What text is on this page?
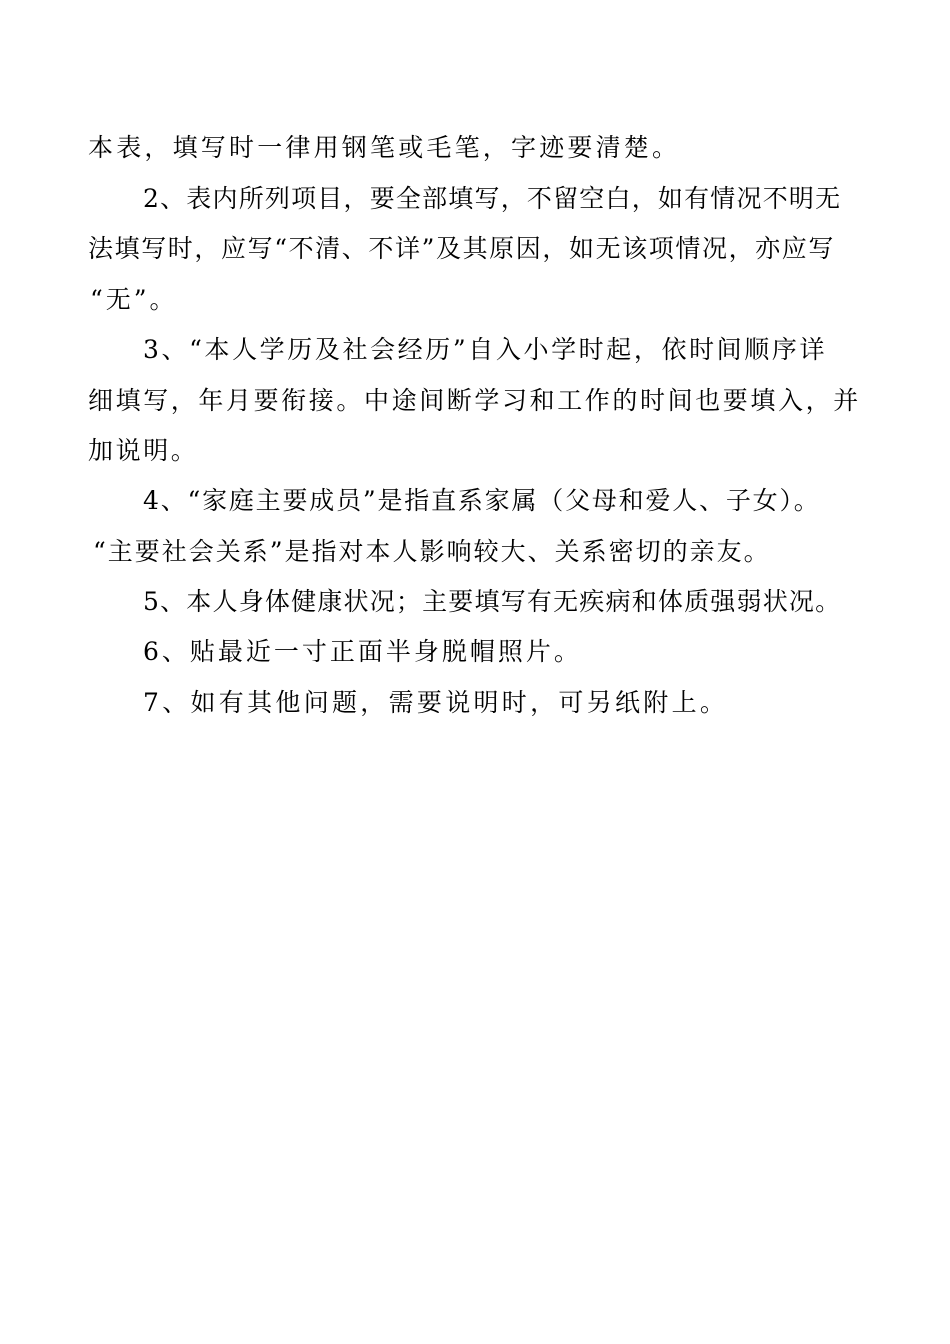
本表，填写时一律用钢笔或毛笔，字迹要清楚。
2、表内所列项目，要全部填写，不留空白，如有情况不明无
法填写时，应写“不清、不详”及其原因，如无该项情况，亦应写
“无”。
3、“本人学历及社会经历”自入小学时起，依时间顺序详
细填写，年月要衔接。中途间断学习和工作的时间也要填入，并
加说明。
4、“家庭主要成员”是指直系家属（父母和爱人、子女）。
“主要社会关系”是指对本人影响较大、关系密切的亲友。
5、本人身体健康状况；主要填写有无疾病和体质强弱状况。
6、贴最近一寸正面半身脱帽照片。
7、如有其他问题，需要说明时，可另纸附上。
